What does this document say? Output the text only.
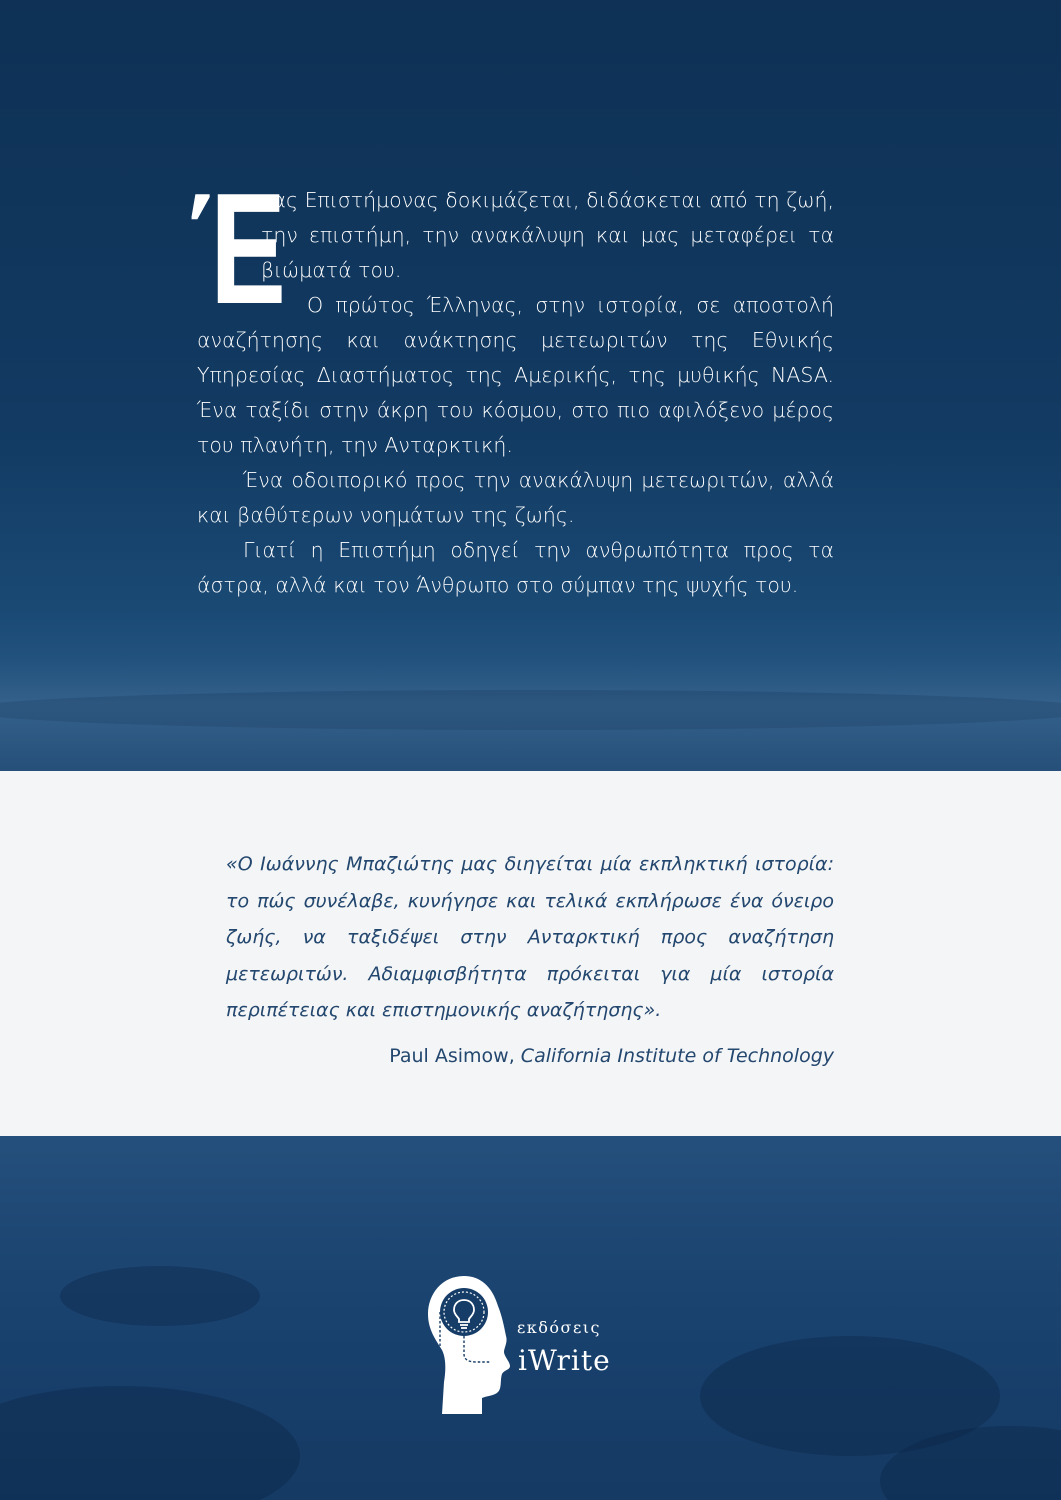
Έ
νας Επιστήμονας δοκιμάζεται, διδάσκεται από τη ζωή, την επιστήμη, την ανακάλυψη και μας μεταφέρει τα βιώματά του.

Ο πρώτος Έλληνας, στην ιστορία, σε αποστολή αναζήτησης και ανάκτησης μετεωριτών της Εθνικής Υπηρεσίας Διαστήματος της Αμερικής, της μυθικής NASA. Ένα ταξίδι στην άκρη του κόσμου, στο πιο αφιλόξενο μέρος του πλανήτη, την Ανταρκτική.

Ένα οδοιπορικό προς την ανακάλυψη μετεωριτών, αλλά και βαθύτερων νοημάτων της ζωής.

Γιατί η Επιστήμη οδηγεί την ανθρωπότητα προς τα άστρα, αλλά και τον Άνθρωπο στο σύμπαν της ψυχής του.

«Ο Ιωάννης Μπαζιώτης μας διηγείται μία εκπληκτική ιστορία: το πώς συνέλαβε, κυνήγησε και τελικά εκπλήρωσε ένα όνειρο ζωής, να ταξιδέψει στην Ανταρκτική προς αναζήτηση μετεωριτών. Αδιαμφισβήτητα πρόκειται για μία ιστορία περιπέτειας και επιστημονικής αναζήτησης».

Paul Asimow, California Institute of Technology
εκδόσεις
iWrite
